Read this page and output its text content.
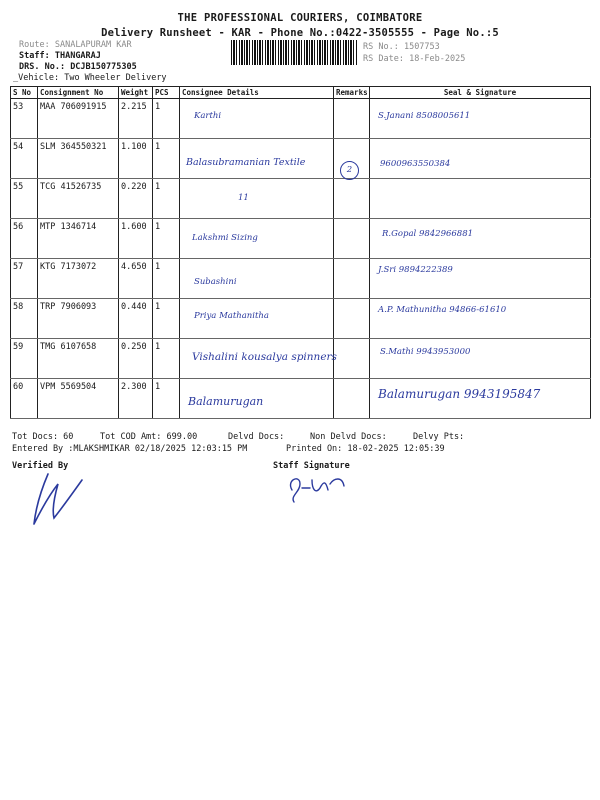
THE PROFESSIONAL COURIERS, COIMBATORE
Delivery Runsheet - KAR - Phone No.:0422-3505555 - Page No.:5
Route: SANALAPURAM KAR
Staff: THANGARAJ
DRS. No.: DCJB150775305
_Vehicle: Two Wheeler Delivery
RS No.: 1507753
RS Date: 18-Feb-2025
S No	Consignment No	Weight	PCS	Consignee Details	Remarks	Seal & Signature
53	MAA 706091915	2.215	1	Karthi		S.Janani 8508005611

54	SLM 364550321	1.100	1	Balasubramanian Textile	2	9600963550384

55	TCG 41526735	0.220	1	11		

56	MTP 1346714	1.600	1	Lakshmi Sizing		R.Gopal 9842966881

57	KTG 7173072	4.650	1	Subashini		J.Sri 9894222389

58	TRP 7906093	0.440	1	Priya Mathanitha		A.P. Mathunitha 94866-61610

59	TMG 6107658	0.250	1	Vishalini kousalya spinners		S.Mathi 9943953000

60	VPM 5569504	2.300	1	Balamurugan		Balamurugan 9943195847
Tot Docs: 60	Tot COD Amt: 699.00	Delvd Docs:	Non Delvd Docs:	Delvy Pts:
Entered By :MLAKSHMIKAR 02/18/2025 12:03:15 PM	Printed On: 18-02-2025 12:05:39
Verified By	Staff Signature
